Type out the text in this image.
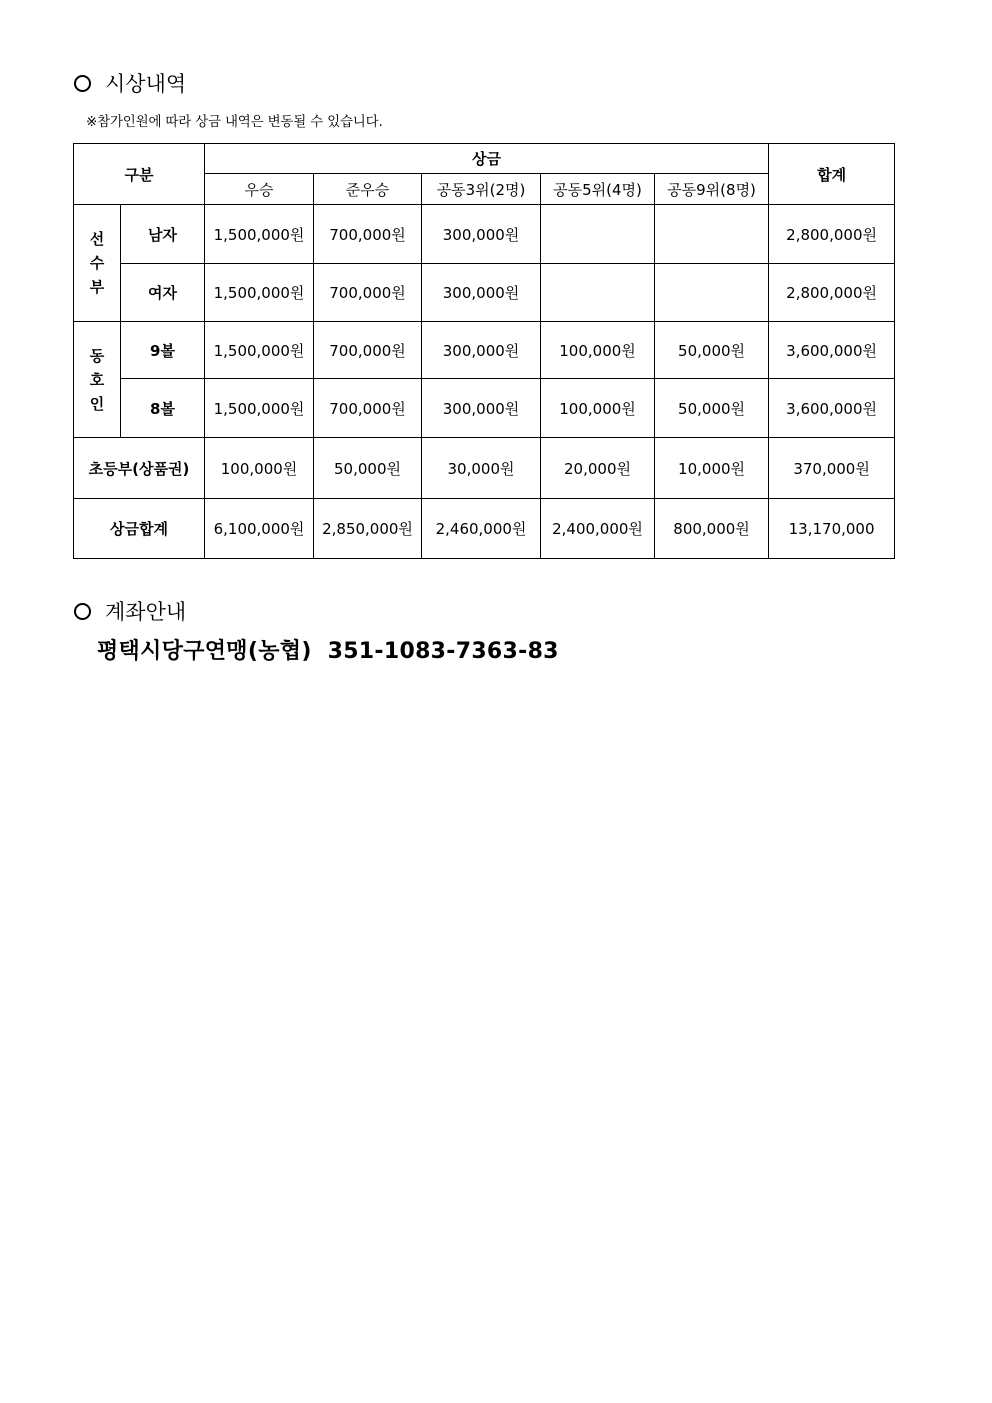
시상내역
※참가인원에 따라 상금 내역은 변동될 수 있습니다.
구분		상금					합계
		우승	준우승	공동3위(2명)	공동5위(4명)	공동9위(8명)	

선
수
부	남자	1,500,000원	700,000원	300,000원			2,800,000원
	여자	1,500,000원	700,000원	300,000원			2,800,000원

동
호
인	9볼	1,500,000원	700,000원	300,000원	100,000원	50,000원	3,600,000원
	8볼	1,500,000원	700,000원	300,000원	100,000원	50,000원	3,600,000원
초등부(상품권)		100,000원	50,000원	30,000원	20,000원	10,000원	370,000원
상금합계		6,100,000원	2,850,000원	2,460,000원	2,400,000원	800,000원	13,170,000
계좌안내
평택시당구연맹(농협)  351-1083-7363-83
